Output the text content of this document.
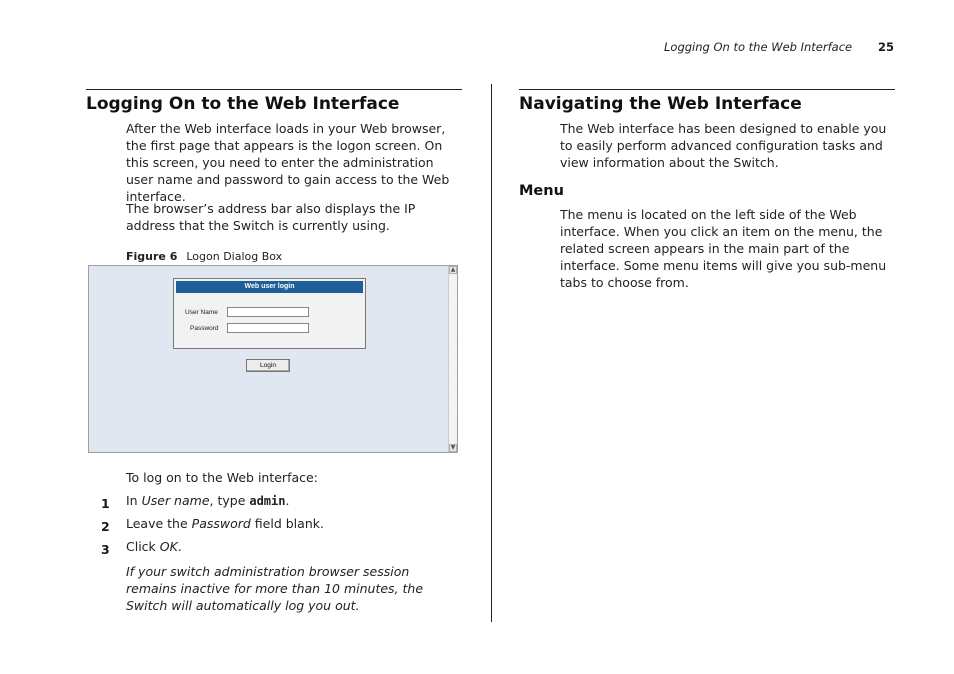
Logging On to the Web Interface 25
Logging On to the Web Interface

After the Web interface loads in your Web browser, the first page that appears is the logon screen. On this screen, you need to enter the administration user name and password to gain access to the Web interface.

The browser’s address bar also displays the IP address that the Switch is currently using.

Figure 6 Logon Dialog Box
▲
▼
Web user login
User Name
Password
Login

To log on to the Web interface:

1 In User name, type admin.
2 Leave the Password field blank.
3 Click OK.

If your switch administration browser session remains inactive for more than 10 minutes, the Switch will automatically log you out.

Navigating the Web Interface

The Web interface has been designed to enable you to easily perform advanced configuration tasks and view information about the Switch.

Menu

The menu is located on the left side of the Web interface. When you click an item on the menu, the related screen appears in the main part of the interface. Some menu items will give you sub-menu tabs to choose from.
